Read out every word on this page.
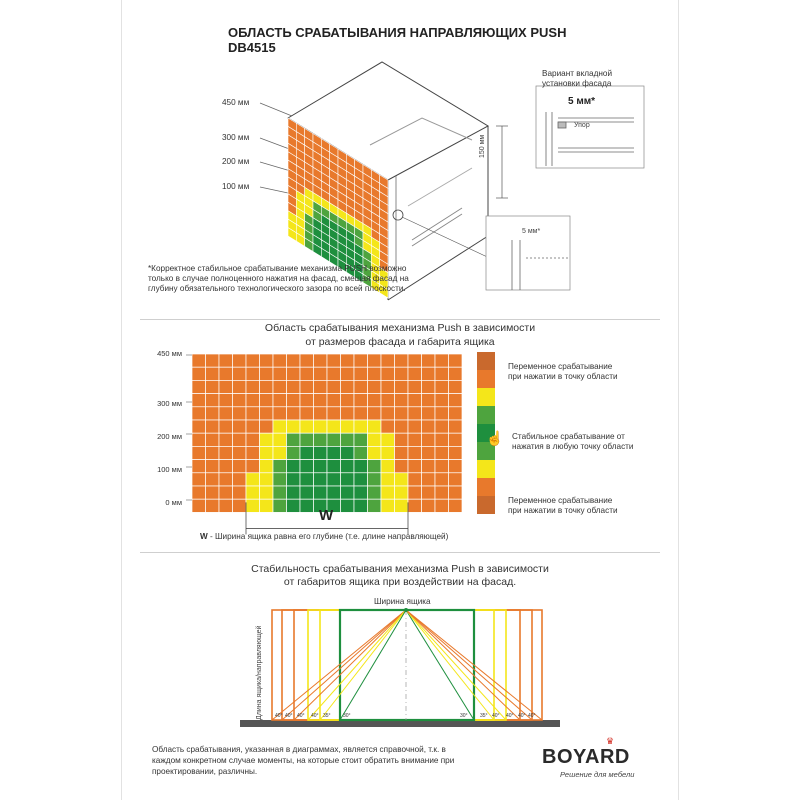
ОБЛАСТЬ СРАБАТЫВАНИЯ НАПРАВЛЯЮЩИХ PUSH

DB4515

450 мм

300 мм

200 мм

100 мм

150 мм

Вариант вкладной

установки фасада

5 мм*

Упор

5 мм*

*Корректное стабильное срабатывание механизма PUSH возможно только в случае полноценного нажатия на фасад, смещая фасад на глубину обязательного технологического зазора по всей плоскости.

Область срабатывания механизма Push в зависимости

от размеров фасада и габарита ящика

450 мм

300 мм

200 мм

100 мм

0 мм

W

W - Ширина ящика равна его глубине (т.е. длине направляющей)

☝

Переменное срабатывание

при нажатии в точку области

Стабильное срабатывание от

нажатия в любую точку области

Переменное срабатывание

при нажатии в точку области

Стабильность срабатывания механизма Push в зависимости

от габаритов ящика при воздействии на фасад.

Ширина ящика

Длина ящика/направляющей 40° 40° 40° 40° 35° 30°	30° 35° 40° 40° 40° 40°

Область срабатывания, указанная в диаграммах, является справочной, т.к. в каждом конкретном случае моменты, на которые стоит обратить внимание при проектировании, различны.

♛

BOYARD

Решение для мебели
